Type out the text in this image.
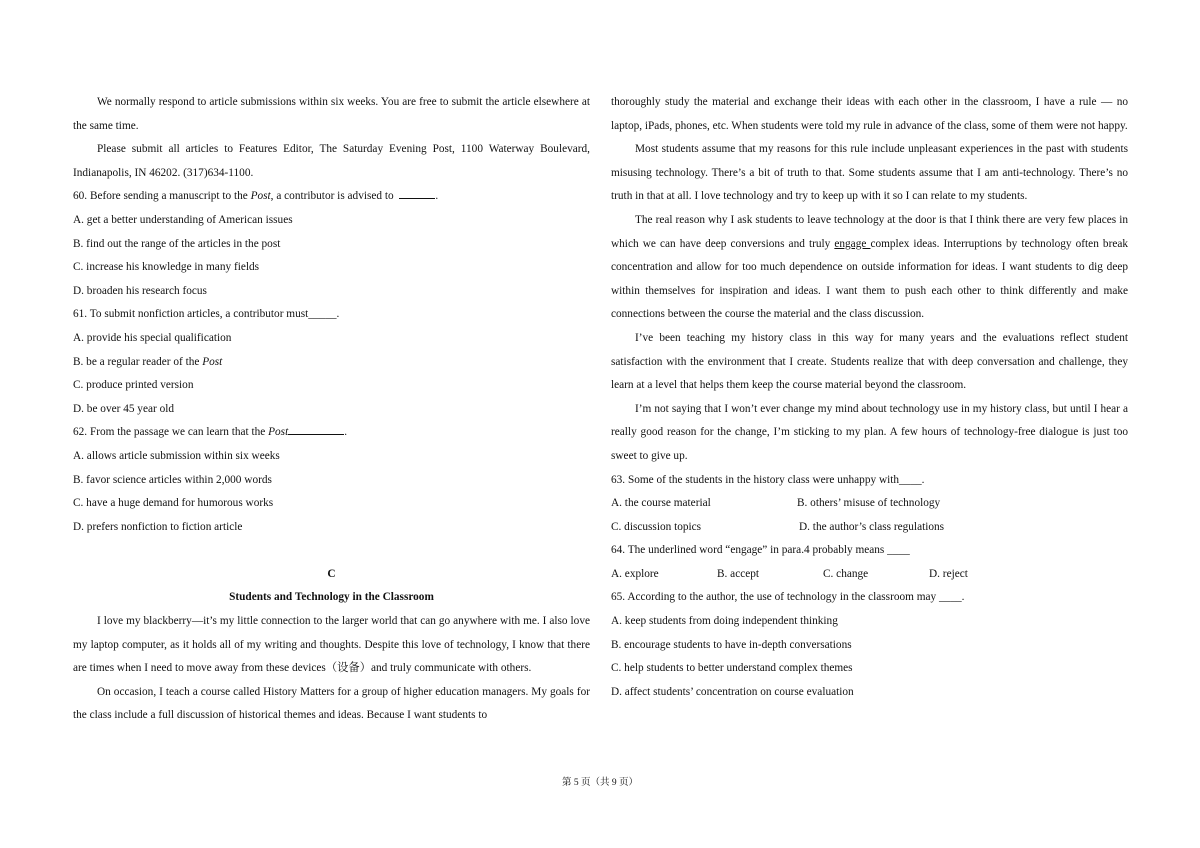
We normally respond to article submissions within six weeks. You are free to submit the article elsewhere at the same time.

Please submit all articles to Features Editor, The Saturday Evening Post, 1100 Waterway Boulevard, Indianapolis, IN 46202. (317)634-1100.

60. Before sending a manuscript to the Post, a contributor is advised to	.

A. get a better understanding of American issues

B. find out the range of the articles in the post

C. increase his knowledge in many fields

D. broaden his research focus

61. To submit nonfiction articles, a contributor must_____.

A. provide his special qualification

B. be a regular reader of the Post

C. produce printed version

D. be over 45 year old

62. From the passage we can learn that the Post	.

A. allows article submission within six weeks

B. favor science articles within 2,000 words

C. have a huge demand for humorous works

D. prefers nonfiction to fiction article

C

Students and Technology in the Classroom

I love my blackberry—it’s my little connection to the larger world that can go anywhere with me. I also love my laptop computer, as it holds all of my writing and thoughts. Despite this love of technology, I know that there are times when I need to move away from these devices（设备）and truly communicate with others.

On occasion, I teach a course called History Matters for a group of higher education managers. My goals for the class include a full discussion of historical themes and ideas. Because I want students to

thoroughly study the material and exchange their ideas with each other in the classroom, I have a rule — no laptop, iPads, phones, etc. When students were told my rule in advance of the class, some of them were not happy.

Most students assume that my reasons for this rule include unpleasant experiences in the past with students misusing technology. There’s a bit of truth to that. Some students assume that I am anti-technology. There’s no truth in that at all. I love technology and try to keep up with it so I can relate to my students.

The real reason why I ask students to leave technology at the door is that I think there are very few places in which we can have deep conversions and truly engage complex ideas. Interruptions by technology often break concentration and allow for too much dependence on outside information for ideas. I want students to dig deep within themselves for inspiration and ideas. I want them to push each other to think differently and make connections between the course the material and the class discussion.

I’ve been teaching my history class in this way for many years and the evaluations reflect student satisfaction with the environment that I create. Students realize that with deep conversation and challenge, they learn at a level that helps them keep the course material beyond the classroom.

I’m not saying that I won’t ever change my mind about technology use in my history class, but until I hear a really good reason for the change, I’m sticking to my plan. A few hours of technology-free dialogue is just too sweet to give up.

63. Some of the students in the history class were unhappy with____.

A. the course material	B. others’ misuse of technology
C. discussion topics	D. the author’s class regulations

64. The underlined word “engage” in para.4 probably means ____

A. explore	B. accept	C. change	D. reject

65. According to the author, the use of technology in the classroom may ____.

A. keep students from doing independent thinking

B. encourage students to have in-depth conversations

C. help students to better understand complex themes

D. affect students’ concentration on course evaluation

第 5 页（共 9 页）
